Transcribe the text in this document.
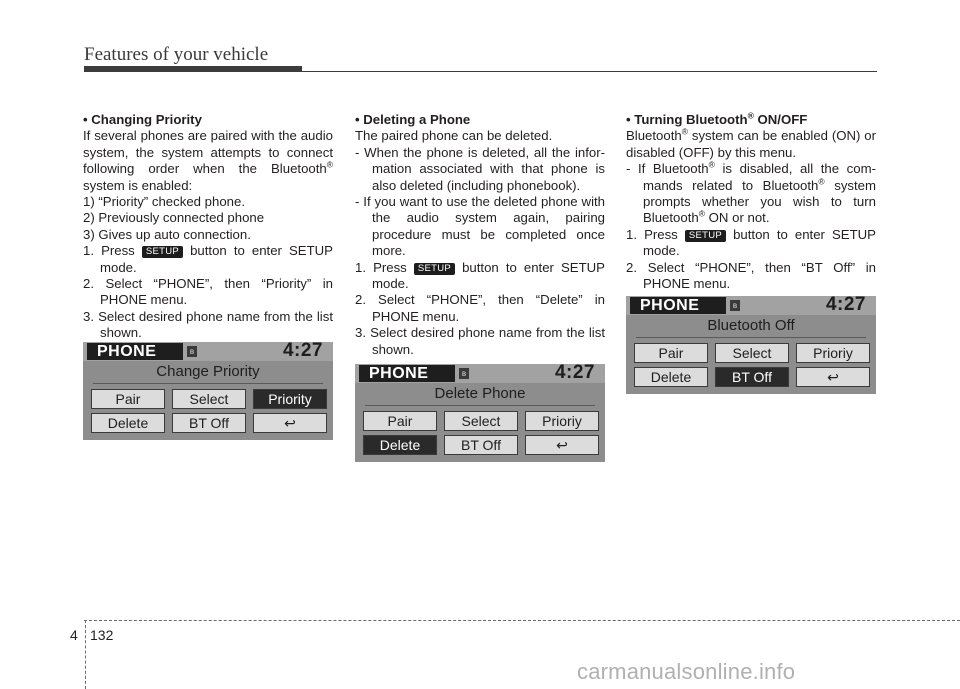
Features of your vehicle
• Changing Priority
If several phones are paired with the audio system, the system attempts to connect following order when the Bluetooth® system is enabled:
1) “Priority” checked phone.
2) Previously connected phone
3) Gives up auto connection.
1. Press SETUP button to enter SETUP mode.
2. Select “PHONE”, then “Priority” in PHONE menu.
3. Select desired phone name from the list shown.
• Deleting a Phone
The paired phone can be deleted.
- When the phone is deleted, all the infor-mation associated with that phone is also deleted (including phonebook).
- If you want to use the deleted phone with the audio system again, pairing procedure must be completed once more.
1. Press SETUP button to enter SETUP mode.
2. Select “PHONE”, then “Delete” in PHONE menu.
3. Select desired phone name from the list shown.
• Turning Bluetooth® ON/OFF
Bluetooth® system can be enabled (ON) or disabled (OFF) by this menu.
- If Bluetooth® is disabled, all the com-mands related to Bluetooth® system prompts whether you wish to turn Bluetooth® ON or not.
1. Press SETUP button to enter SETUP mode.
2. Select “PHONE”, then “BT Off” in PHONE menu.
PHONE	ʙ	4:27
Change Priority
Pair	Select	Priority
Delete	BT Off	↩
PHONE	ʙ	4:27
Delete Phone
Pair	Select	Prioriy
Delete	BT Off	↩
PHONE	ʙ	4:27
Bluetooth Off
Pair	Select	Prioriy
Delete	BT Off	↩
4 132
carmanualsonline.info
